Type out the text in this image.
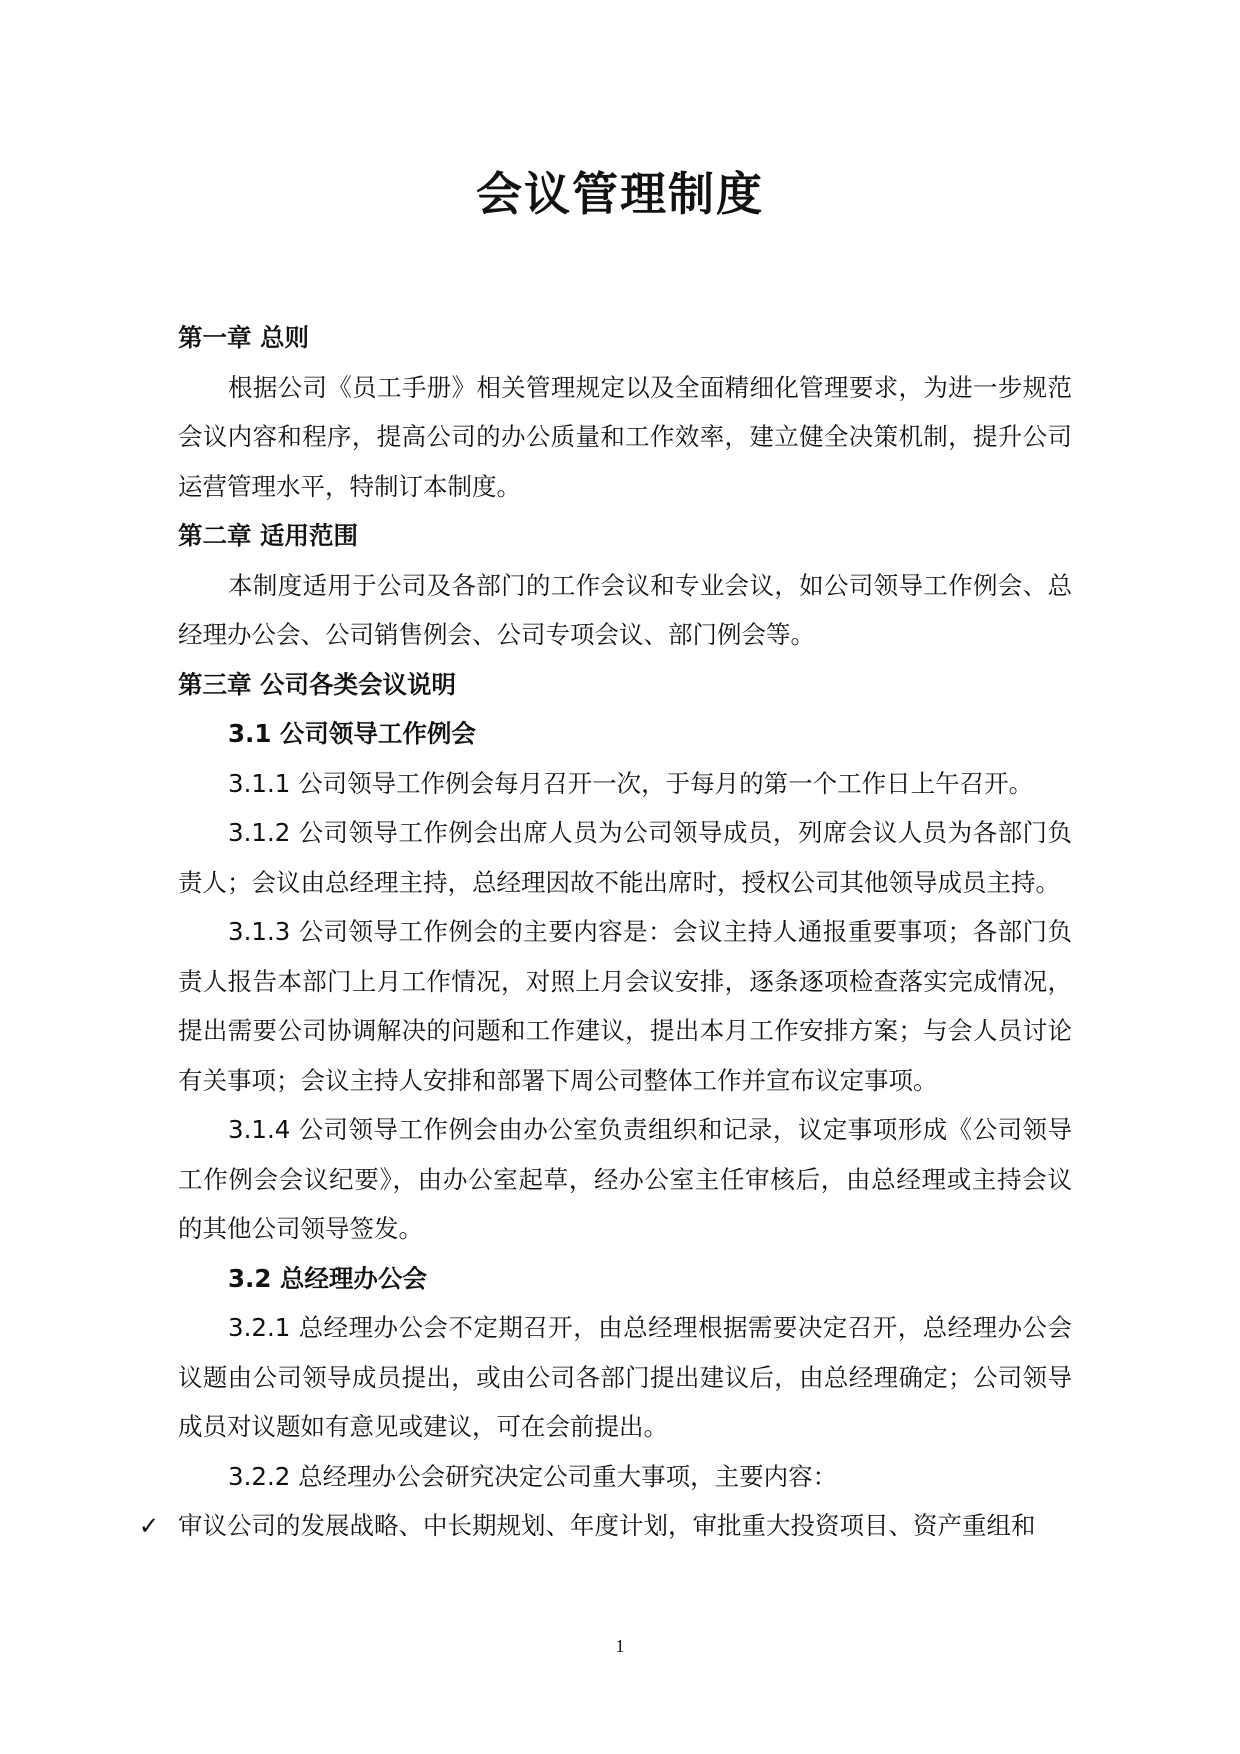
会议管理制度
第一章 总则
根据公司《员工手册》相关管理规定以及全面精细化管理要求，为进一步规范会议内容和程序，提高公司的办公质量和工作效率，建立健全决策机制，提升公司运营管理水平，特制订本制度。
第二章 适用范围
本制度适用于公司及各部门的工作会议和专业会议，如公司领导工作例会、总经理办公会、公司销售例会、公司专项会议、部门例会等。
第三章 公司各类会议说明
3.1 公司领导工作例会
3.1.1 公司领导工作例会每月召开一次，于每月的第一个工作日上午召开。
3.1.2 公司领导工作例会出席人员为公司领导成员，列席会议人员为各部门负责人；会议由总经理主持，总经理因故不能出席时，授权公司其他领导成员主持。
3.1.3 公司领导工作例会的主要内容是：会议主持人通报重要事项；各部门负责人报告本部门上月工作情况，对照上月会议安排，逐条逐项检查落实完成情况，提出需要公司协调解决的问题和工作建议，提出本月工作安排方案；与会人员讨论有关事项；会议主持人安排和部署下周公司整体工作并宣布议定事项。
3.1.4 公司领导工作例会由办公室负责组织和记录，议定事项形成《公司领导工作例会会议纪要》，由办公室起草，经办公室主任审核后，由总经理或主持会议的其他公司领导签发。
3.2 总经理办公会
3.2.1 总经理办公会不定期召开，由总经理根据需要决定召开，总经理办公会议题由公司领导成员提出，或由公司各部门提出建议后，由总经理确定；公司领导成员对议题如有意见或建议，可在会前提出。
3.2.2 总经理办公会研究决定公司重大事项，主要内容：
✓ 审议公司的发展战略、中长期规划、年度计划，审批重大投资项目、资产重组和
1
